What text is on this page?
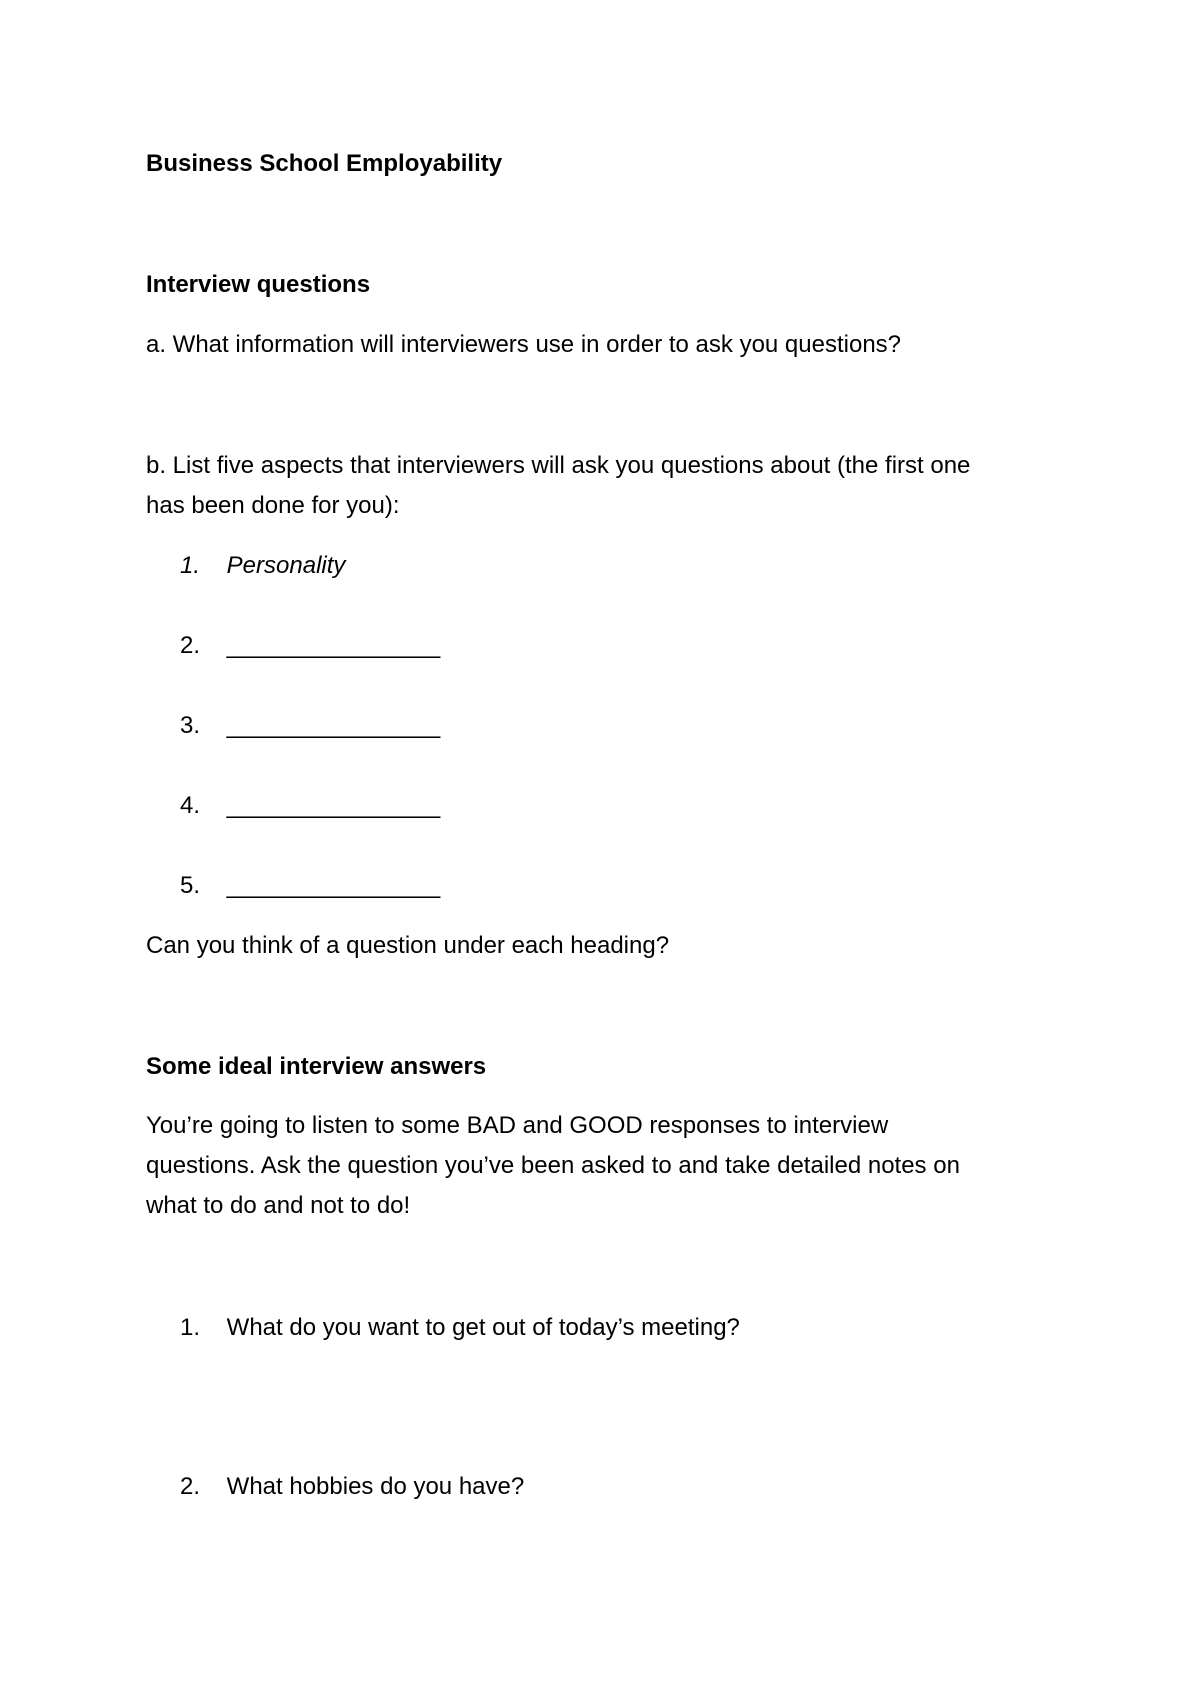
Business School Employability
Interview questions
a. What information will interviewers use in order to ask you questions?
b. List five aspects that interviewers will ask you questions about (the first one
has been done for you):
1. Personality
2. ________________
3. ________________
4. ________________
5. ________________
Can you think of a question under each heading?
Some ideal interview answers
You’re going to listen to some BAD and GOOD responses to interview
questions. Ask the question you’ve been asked to and take detailed notes on
what to do and not to do!
1. What do you want to get out of today’s meeting?
2. What hobbies do you have?
